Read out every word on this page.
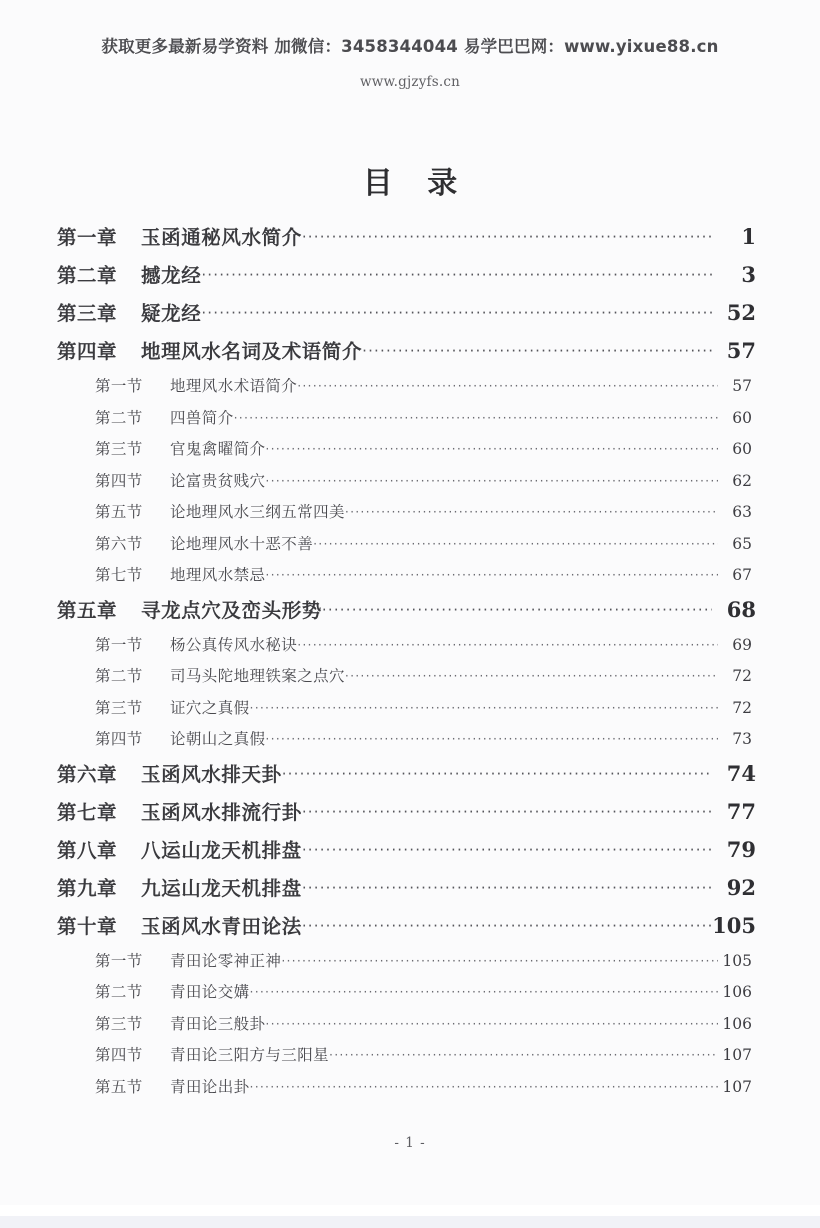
获取更多最新易学资料 加微信：3458344044 易学巴巴网：www.yixue88.cn
www.gjzyfs.cn
目 录
第一章	玉函通秘风水简介 ·····	1
第二章	撼龙经 ·····	3
第三章	疑龙经 ·····	52
第四章	地理风水名词及术语简介 ·····	57
第一节	地理风水术语简介 ·····	57
第二节	四兽简介 ·····	60
第三节	官鬼禽曜简介 ·····	60
第四节	论富贵贫贱穴 ·····	62
第五节	论地理风水三纲五常四美 ·····	63
第六节	论地理风水十恶不善 ·····	65
第七节	地理风水禁忌 ·····	67
第五章	寻龙点穴及峦头形势 ·····	68
第一节	杨公真传风水秘诀 ·····	69
第二节	司马头陀地理铁案之点穴 ·····	72
第三节	证穴之真假 ·····	72
第四节	论朝山之真假 ·····	73
第六章	玉函风水排天卦 ·····	74
第七章	玉函风水排流行卦 ·····	77
第八章	八运山龙天机排盘 ·····	79
第九章	九运山龙天机排盘 ·····	92
第十章	玉函风水青田论法 ·····	105
第一节	青田论零神正神 ·····	105
第二节	青田论交媾 ·····	106
第三节	青田论三般卦 ·····	106
第四节	青田论三阳方与三阳星 ·····	107
第五节	青田论出卦 ·····	107
- 1 -
